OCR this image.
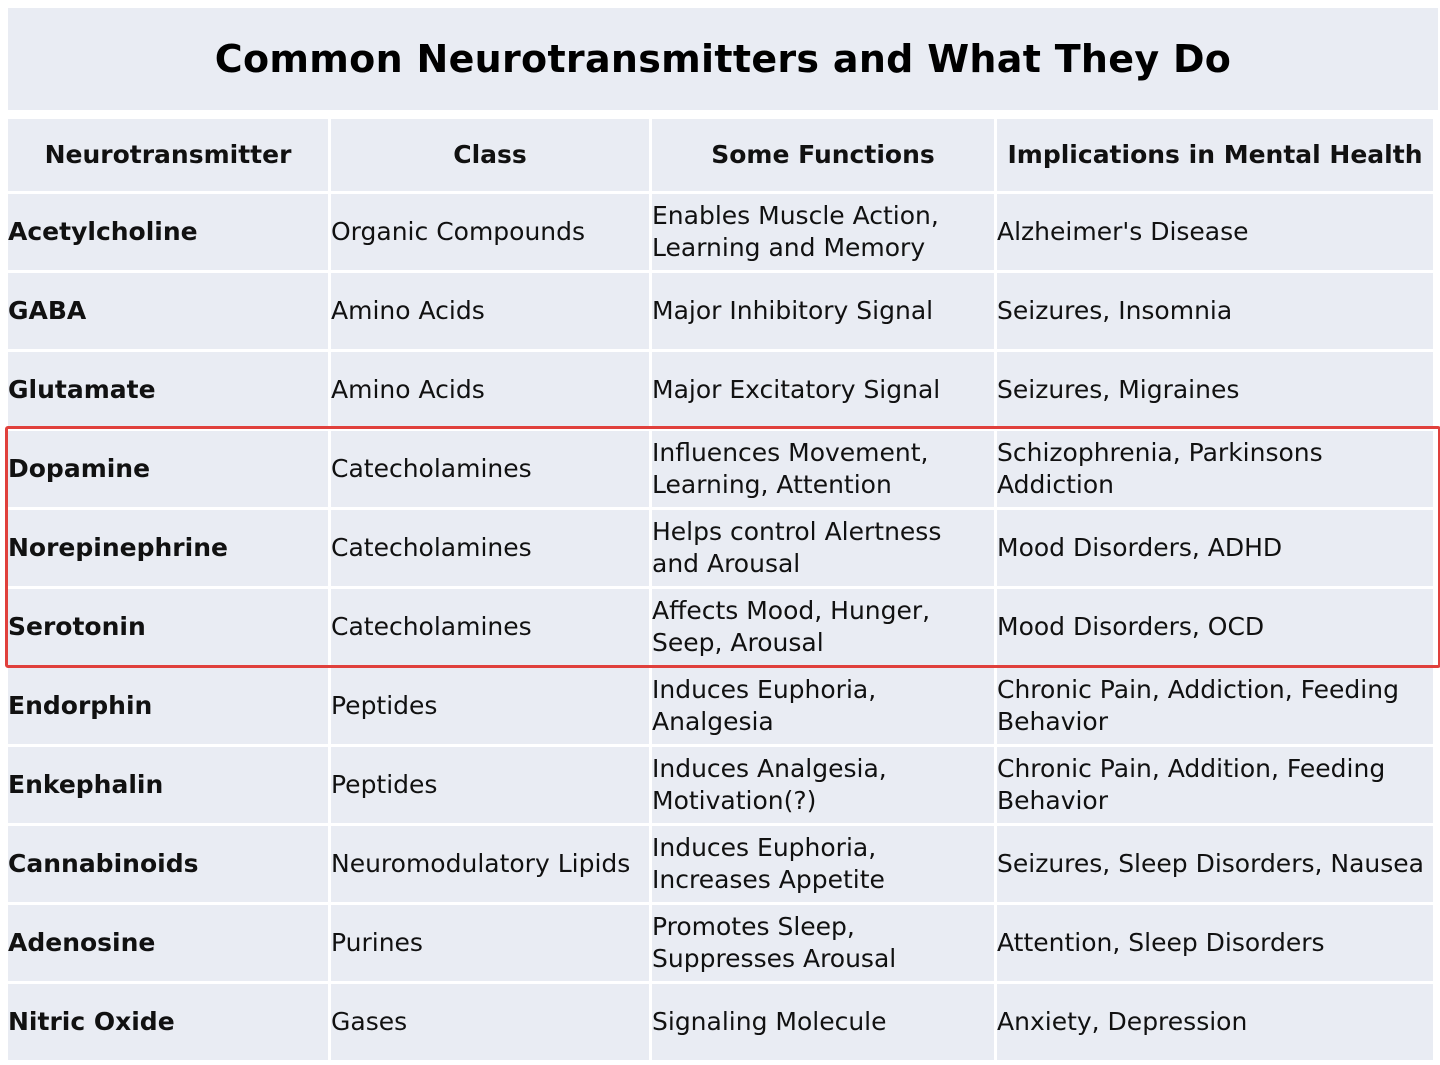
Common Neurotransmitters and What They Do
Neurotransmitter	Class	Some Functions	Implications in Mental Health
Acetylcholine	Organic Compounds	Enables Muscle Action, Learning and Memory	Alzheimer's Disease
GABA	Amino Acids	Major Inhibitory Signal	Seizures, Insomnia
Glutamate	Amino Acids	Major Excitatory Signal	Seizures, Migraines
Dopamine	Catecholamines	Influences Movement, Learning, Attention	Schizophrenia, Parkinsons Addiction
Norepinephrine	Catecholamines	Helps control Alertness and Arousal	Mood Disorders, ADHD
Serotonin	Catecholamines	Affects Mood, Hunger, Seep, Arousal	Mood Disorders, OCD
Endorphin	Peptides	Induces Euphoria, Analgesia	Chronic Pain, Addiction, Feeding Behavior
Enkephalin	Peptides	Induces Analgesia, Motivation(?)	Chronic Pain, Addition, Feeding Behavior
Cannabinoids	Neuromodulatory Lipids	Induces Euphoria, Increases Appetite	Seizures, Sleep Disorders, Nausea
Adenosine	Purines	Promotes Sleep, Suppresses Arousal	Attention, Sleep Disorders
Nitric Oxide	Gases	Signaling Molecule	Anxiety, Depression
